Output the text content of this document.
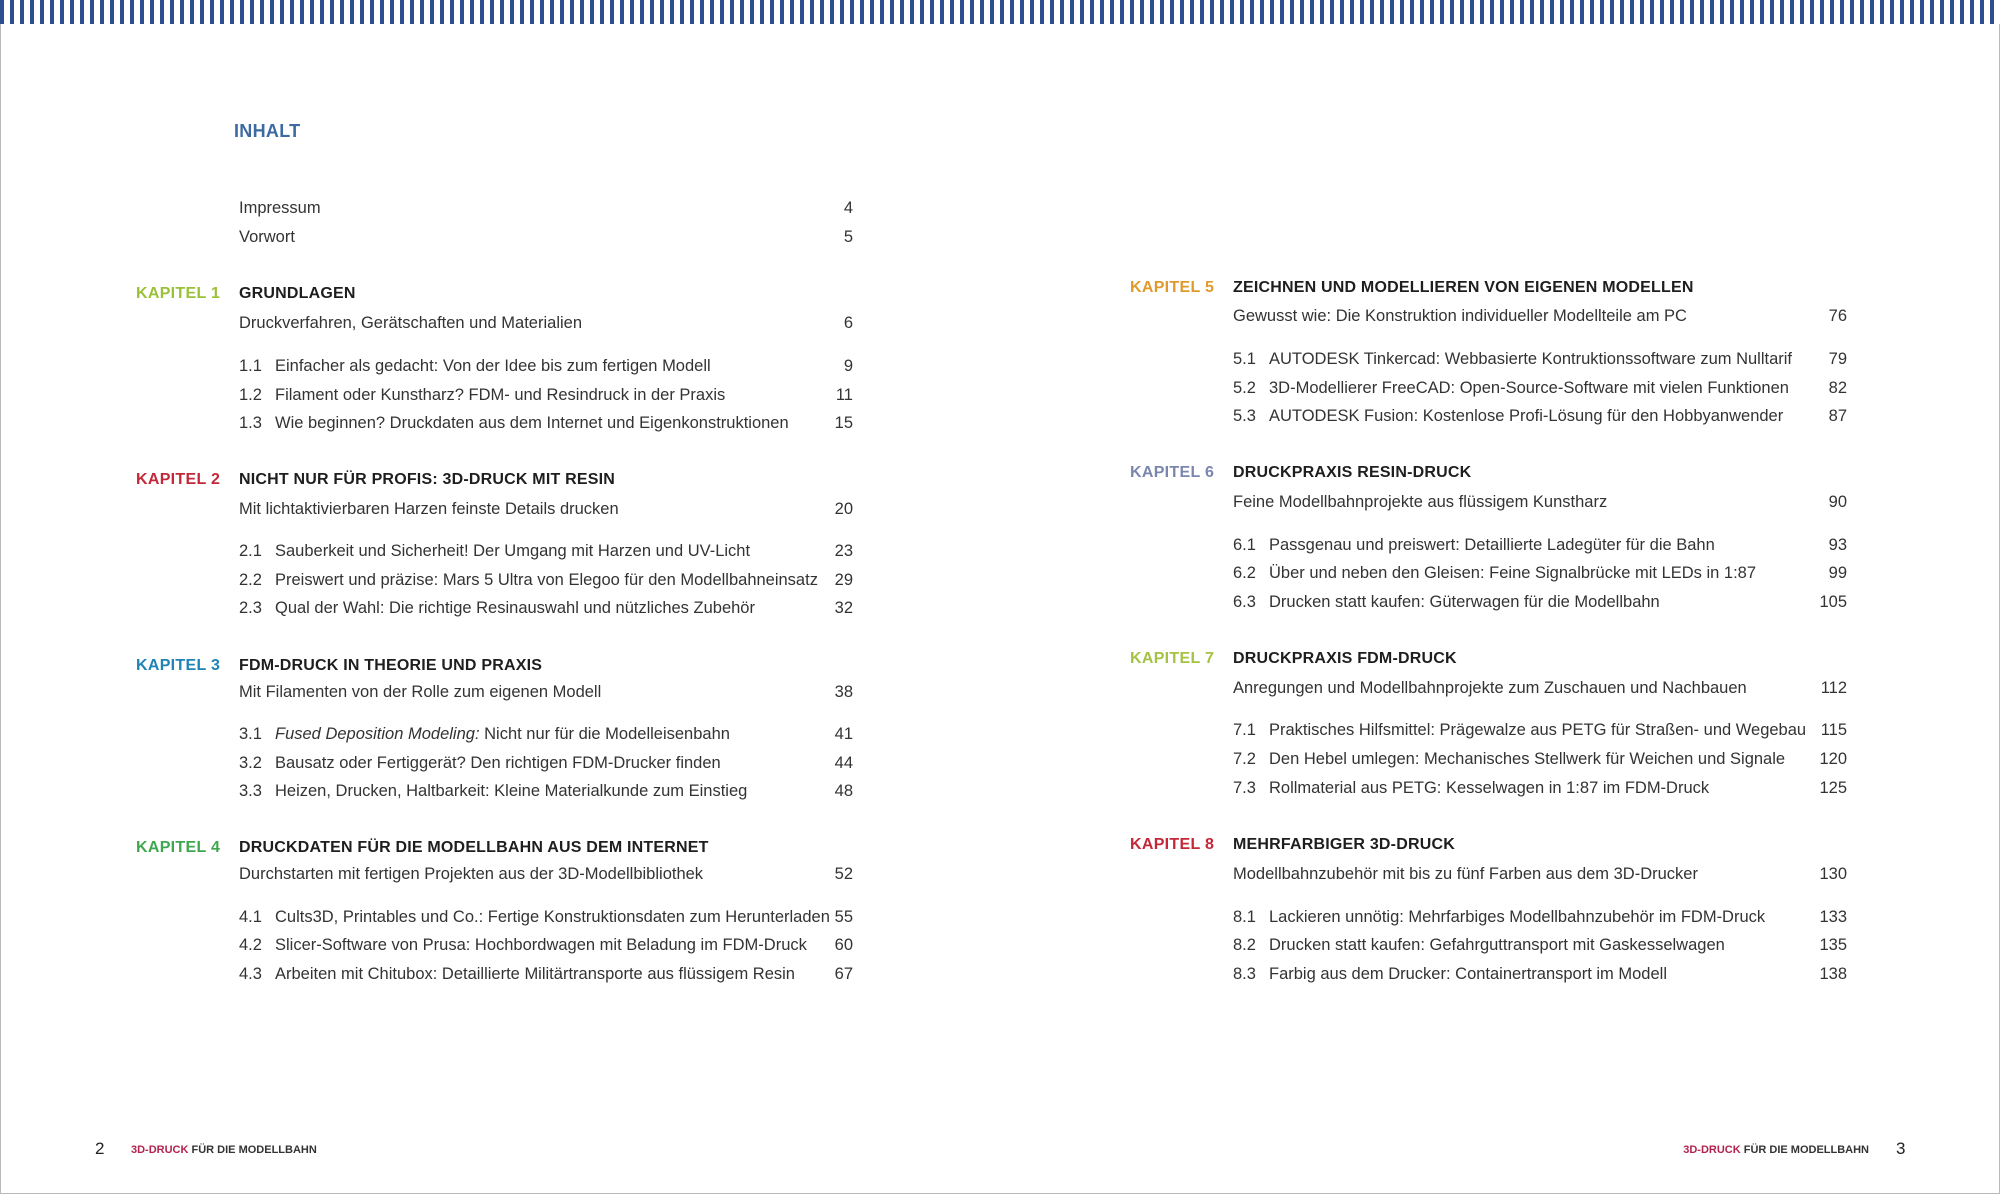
INHALT
Impressum	4
Vorwort	5
KAPITEL 1	GRUNDLAGEN
Druckverfahren, Gerätschaften und Materialien	6
1.1 Einfacher als gedacht: Von der Idee bis zum fertigen Modell	9
1.2 Filament oder Kunstharz? FDM- und Resindruck in der Praxis	11
1.3 Wie beginnen? Druckdaten aus dem Internet und Eigenkonstruktionen	15
KAPITEL 2	NICHT NUR FÜR PROFIS: 3D-DRUCK MIT RESIN
Mit lichtaktivierbaren Harzen feinste Details drucken	20
2.1 Sauberkeit und Sicherheit! Der Umgang mit Harzen und UV-Licht	23
2.2 Preiswert und präzise: Mars 5 Ultra von Elegoo für den Modellbahneinsatz 29
2.3 Qual der Wahl: Die richtige Resinauswahl und nützliches Zubehör	32
KAPITEL 3	FDM-DRUCK IN THEORIE UND PRAXIS
Mit Filamenten von der Rolle zum eigenen Modell	38
3.1 Fused Deposition Modeling: Nicht nur für die Modelleisenbahn	41
3.2 Bausatz oder Fertiggerät? Den richtigen FDM-Drucker finden	44
3.3 Heizen, Drucken, Haltbarkeit: Kleine Materialkunde zum Einstieg	48
KAPITEL 4	DRUCKDATEN FÜR DIE MODELLBAHN AUS DEM INTERNET
Durchstarten mit fertigen Projekten aus der 3D-Modellbibliothek	52
4.1 Cults3D, Printables und Co.: Fertige Konstruktionsdaten zum Herunterladen 55
4.2 Slicer-Software von Prusa: Hochbordwagen mit Beladung im FDM-Druck 60
4.3 Arbeiten mit Chitubox: Detaillierte Militärtransporte aus flüssigem Resin 67
KAPITEL 5	ZEICHNEN UND MODELLIEREN VON EIGENEN MODELLEN
Gewusst wie: Die Konstruktion individueller Modellteile am PC	76
5.1 AUTODESK Tinkercad: Webbasierte Kontruktionssoftware zum Nulltarif 79
5.2 3D-Modellierer FreeCAD: Open-Source-Software mit vielen Funktionen 82
5.3 AUTODESK Fusion: Kostenlose Profi-Lösung für den Hobbyanwender	87
KAPITEL 6	DRUCKPRAXIS RESIN-DRUCK
Feine Modellbahnprojekte aus flüssigem Kunstharz	90
6.1 Passgenau und preiswert: Detaillierte Ladegüter für die Bahn	93
6.2 Über und neben den Gleisen: Feine Signalbrücke mit LEDs in 1:87	99
6.3 Drucken statt kaufen: Güterwagen für die Modellbahn	105
KAPITEL 7	DRUCKPRAXIS FDM-DRUCK
Anregungen und Modellbahnprojekte zum Zuschauen und Nachbauen	112
7.1 Praktisches Hilfsmittel: Prägewalze aus PETG für Straßen- und Wegebau 115
7.2 Den Hebel umlegen: Mechanisches Stellwerk für Weichen und Signale 120
7.3 Rollmaterial aus PETG: Kesselwagen in 1:87 im FDM-Druck	125
KAPITEL 8	MEHRFARBIGER 3D-DRUCK
Modellbahnzubehör mit bis zu fünf Farben aus dem 3D-Drucker	130
8.1 Lackieren unnötig: Mehrfarbiges Modellbahnzubehör im FDM-Druck	133
8.2 Drucken statt kaufen: Gefahrguttransport mit Gaskesselwagen	135
8.3 Farbig aus dem Drucker: Containertransport im Modell	138
2 3D-DRUCK FÜR DIE MODELLBAHN	3D-DRUCK FÜR DIE MODELLBAHN 3
